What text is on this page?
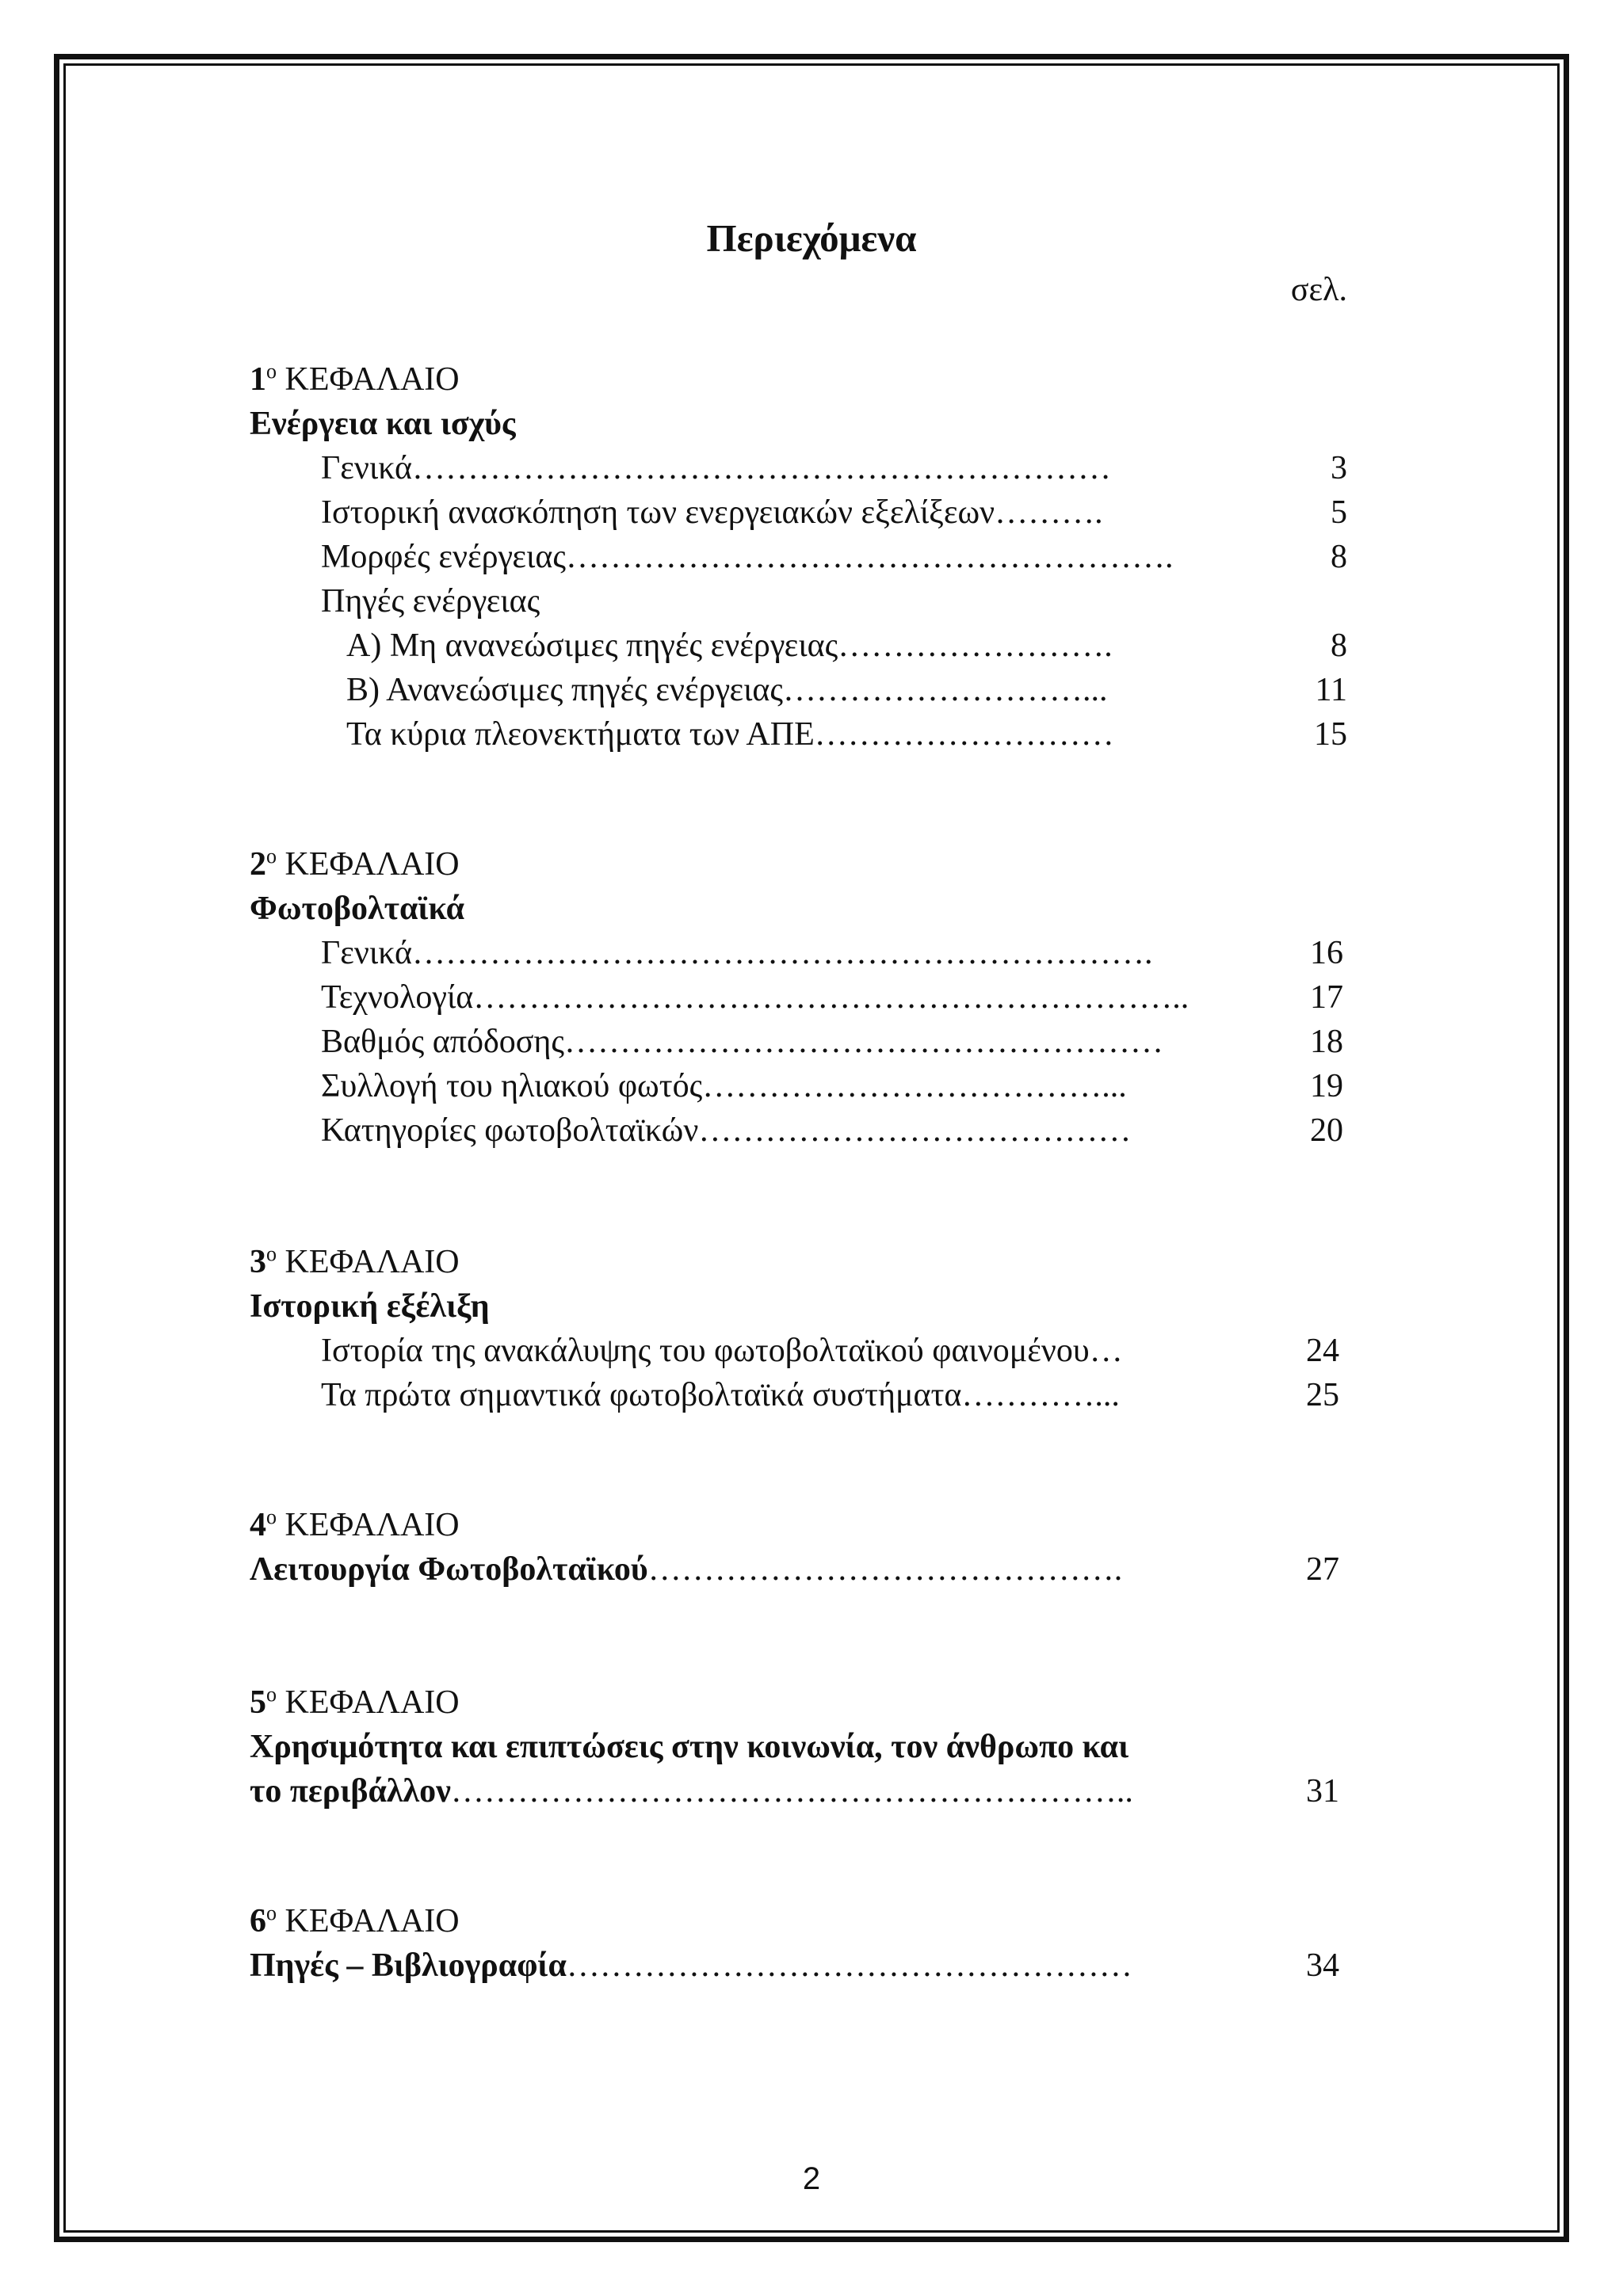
Περιεχόμενα
σελ.
$1^o$ ΚΕΦΑΛΑΙΟ
Ενέργεια και ισχύς
Γενικά………………………………………………………	3
Ιστορική ανασκόπηση των ενεργειακών εξελίξεων……….	5
Μορφές ενέργειας……………………………………………….	8
Πηγές ενέργειας
Α) Μη ανανεώσιμες πηγές ενέργειας…………………….	8
Β) Ανανεώσιμες πηγές ενέργειας………………………...	11
Τα κύρια πλεονεκτήματα των ΑΠΕ………………………	15
$2^o$ ΚΕΦΑΛΑΙΟ
Φωτοβολταϊκά
Γενικά………………………………………………………….	16
Τεχνολογία………………………………………………………..	17
Βαθμός απόδοσης………………………………………………	18
Συλλογή του ηλιακού φωτός………………………………...	19
Κατηγορίες φωτοβολταϊκών…………………………………	20
$3^o$ ΚΕΦΑΛΑΙΟ
Ιστορική εξέλιξη
Ιστορία της ανακάλυψης του φωτοβολταϊκού φαινομένου…	24
Τα πρώτα σημαντικά φωτοβολταϊκά συστήματα…………...	25
$4^o$ ΚΕΦΑΛΑΙΟ
Λειτουργία Φωτοβολταϊκού…………………………………….	27
$5^o$ ΚΕΦΑΛΑΙΟ
Χρησιμότητα και επιπτώσεις στην κοινωνία, τον άνθρωπο και
το περιβάλλον……………………………………………………..	31
$6^o$ ΚΕΦΑΛΑΙΟ
Πηγές – Βιβλιογραφία……………………………………………	34
2
